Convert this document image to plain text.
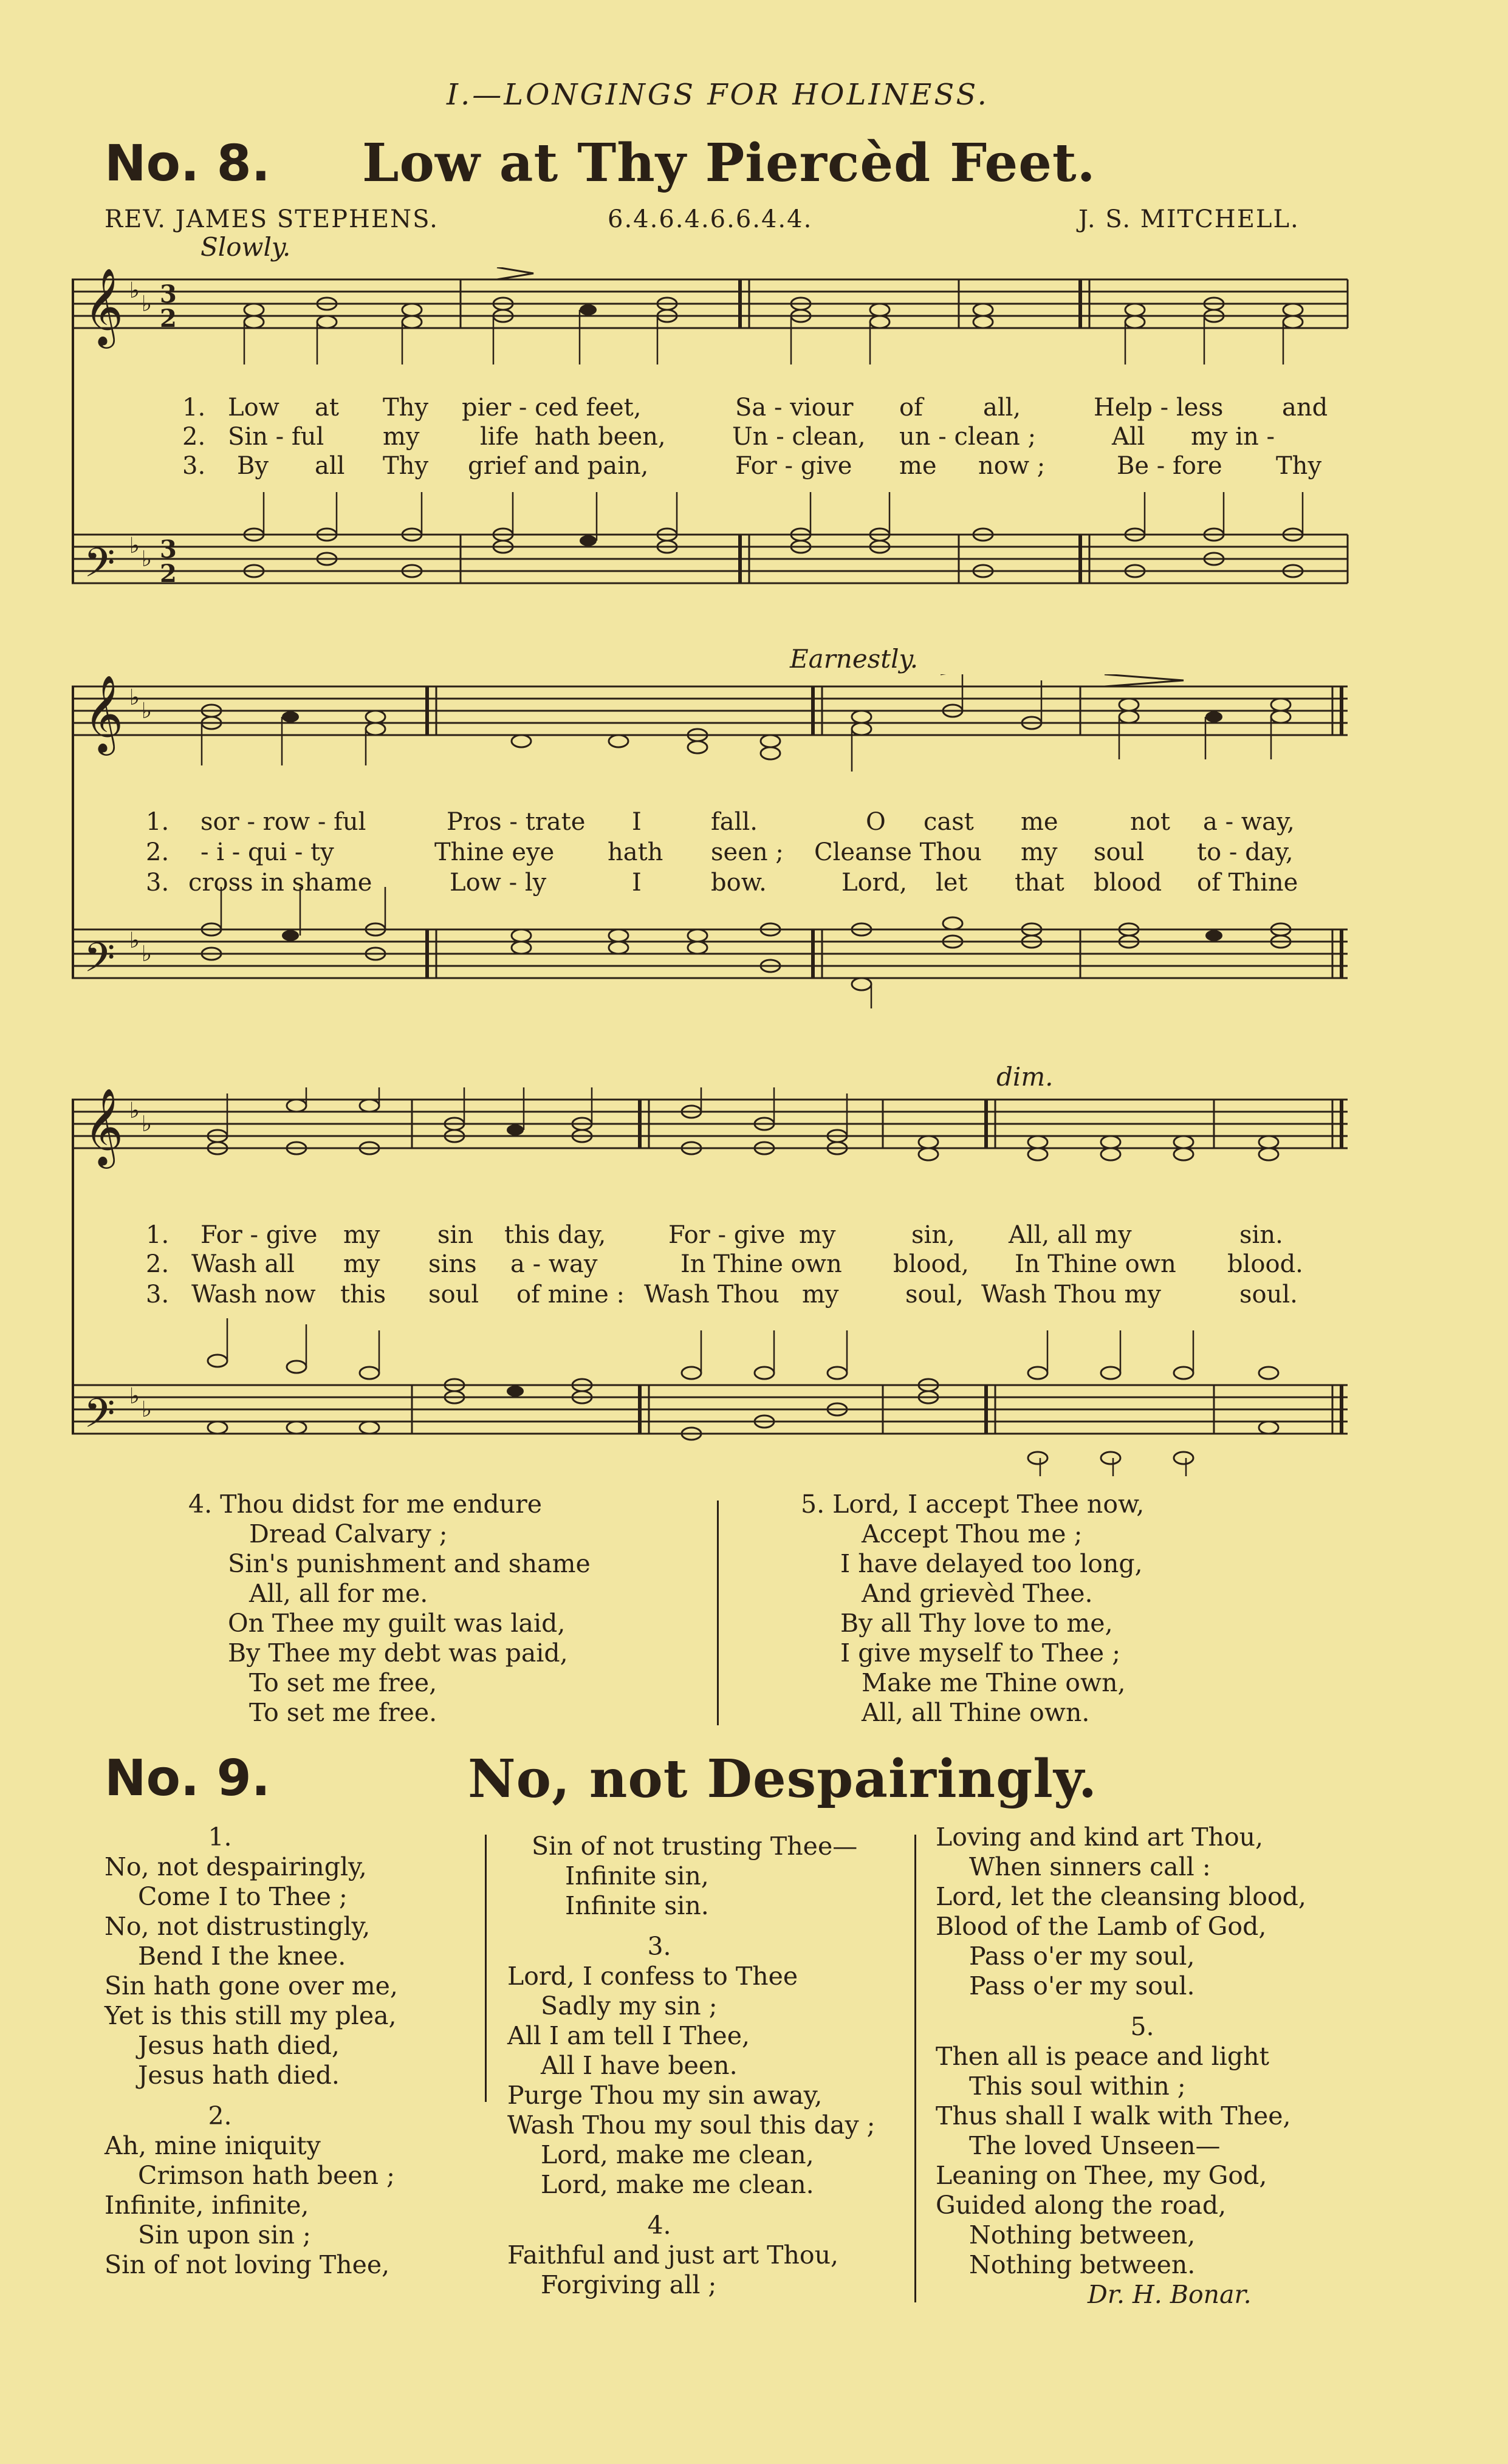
I.—LONGINGS FOR HOLINESS.
No. 8. Low at Thy Piercèd Feet.
REV. JAMES STEPHENS.	6.4.6.4.6.6.4.4.	J. S. MITCHELL.
Slowly.
𝄞
𝄢
♭
♭ 3
2
♭
♭ 3
2
1. Low at Thy pier - ced feet,	Sa - viour of all,	Help - less and
2. Sin - ful my life hath been,	Un - clean, un - clean ;	All my in -
3. By all Thy grief and pain,	For - give me now ;	Be - fore Thy
Earnestly.
𝄞
𝄢
♭
♭
♭
♭
1. sor - row - ful	Pros - trate I	fall.	O cast me	not a - way,
2. - i - qui - ty	Thine eye hath seen ; Cleanse Thou my soul to - day,
3. cross in shame	Low - ly	I	bow.	Lord, let that blood of Thine
dim.
𝄞
𝄢
♭
♭
♭
♭
1. For - give my sin this day,	For - give my	sin, All, all my	sin.
2. Wash all my sins a - way	In Thine own blood, In Thine own blood.
3. Wash now this soul of mine : Wash Thou my	soul, Wash Thou my	soul.
4. Thou didst for me endure
Dread Calvary ;
Sin's punishment and shame
All, all for me.
On Thee my guilt was laid,
By Thee my debt was paid,
To set me free,
To set me free.
5. Lord, I accept Thee now,
Accept Thou me ;
I have delayed too long,
And grievèd Thee.
By all Thy love to me,
I give myself to Thee ;
Make me Thine own,
All, all Thine own.
No. 9.	No, not Despairingly.
1.
No, not despairingly,
Come I to Thee ;
No, not distrustingly,
Bend I the knee.
Sin hath gone over me,
Yet is this still my plea,
Jesus hath died,
Jesus hath died.
2.
Ah, mine iniquity
Crimson hath been ;
Infinite, infinite,
Sin upon sin ;
Sin of not loving Thee,
Sin of not trusting Thee—
Infinite sin,
Infinite sin.
3.
Lord, I confess to Thee
Sadly my sin ;
All I am tell I Thee,
All I have been.
Purge Thou my sin away,
Wash Thou my soul this day ;
Lord, make me clean,
Lord, make me clean.
4.
Faithful and just art Thou,
Forgiving all ;
Loving and kind art Thou,
When sinners call :
Lord, let the cleansing blood,
Blood of the Lamb of God,
Pass o'er my soul,
Pass o'er my soul.
5.
Then all is peace and light
This soul within ;
Thus shall I walk with Thee,
The loved Unseen—
Leaning on Thee, my God,
Guided along the road,
Nothing between,
Nothing between.
Dr. H. Bonar.
